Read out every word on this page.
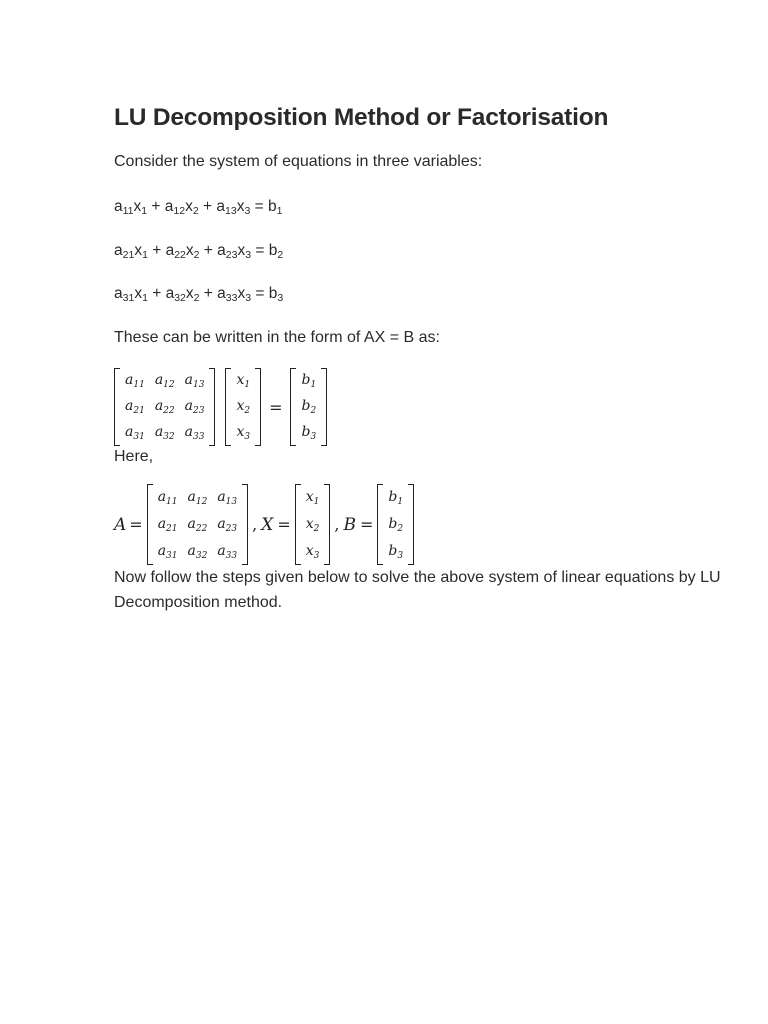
LU Decomposition Method or Factorisation
Consider the system of equations in three variables:
$a_{11}x_1 + a_{12}x_2 + a_{13}x_3 = b_1$
$a_{21}x_1 + a_{22}x_2 + a_{23}x_3 = b_2$
$a_{31}x_1 + a_{32}x_2 + a_{33}x_3 = b_3$
These can be written in the form of AX = B as:
$a_{11}$	$a_{12}$	$a_{13}$
$a_{21}$	$a_{22}$	$a_{23}$
$a_{31}$	$a_{32}$	$a_{33}$
$x_1$
$x_2$
$x_3$
=
$b_1$
$b_2$
$b_3$
Here,
A =
$a_{11}$	$a_{12}$	$a_{13}$
$a_{21}$	$a_{22}$	$a_{23}$
$a_{31}$	$a_{32}$	$a_{33}$
, X =
$x_1$
$x_2$
$x_3$
, B =
$b_1$
$b_2$
$b_3$
Now follow the steps given below to solve the above system of linear equations by LU Decomposition method.
